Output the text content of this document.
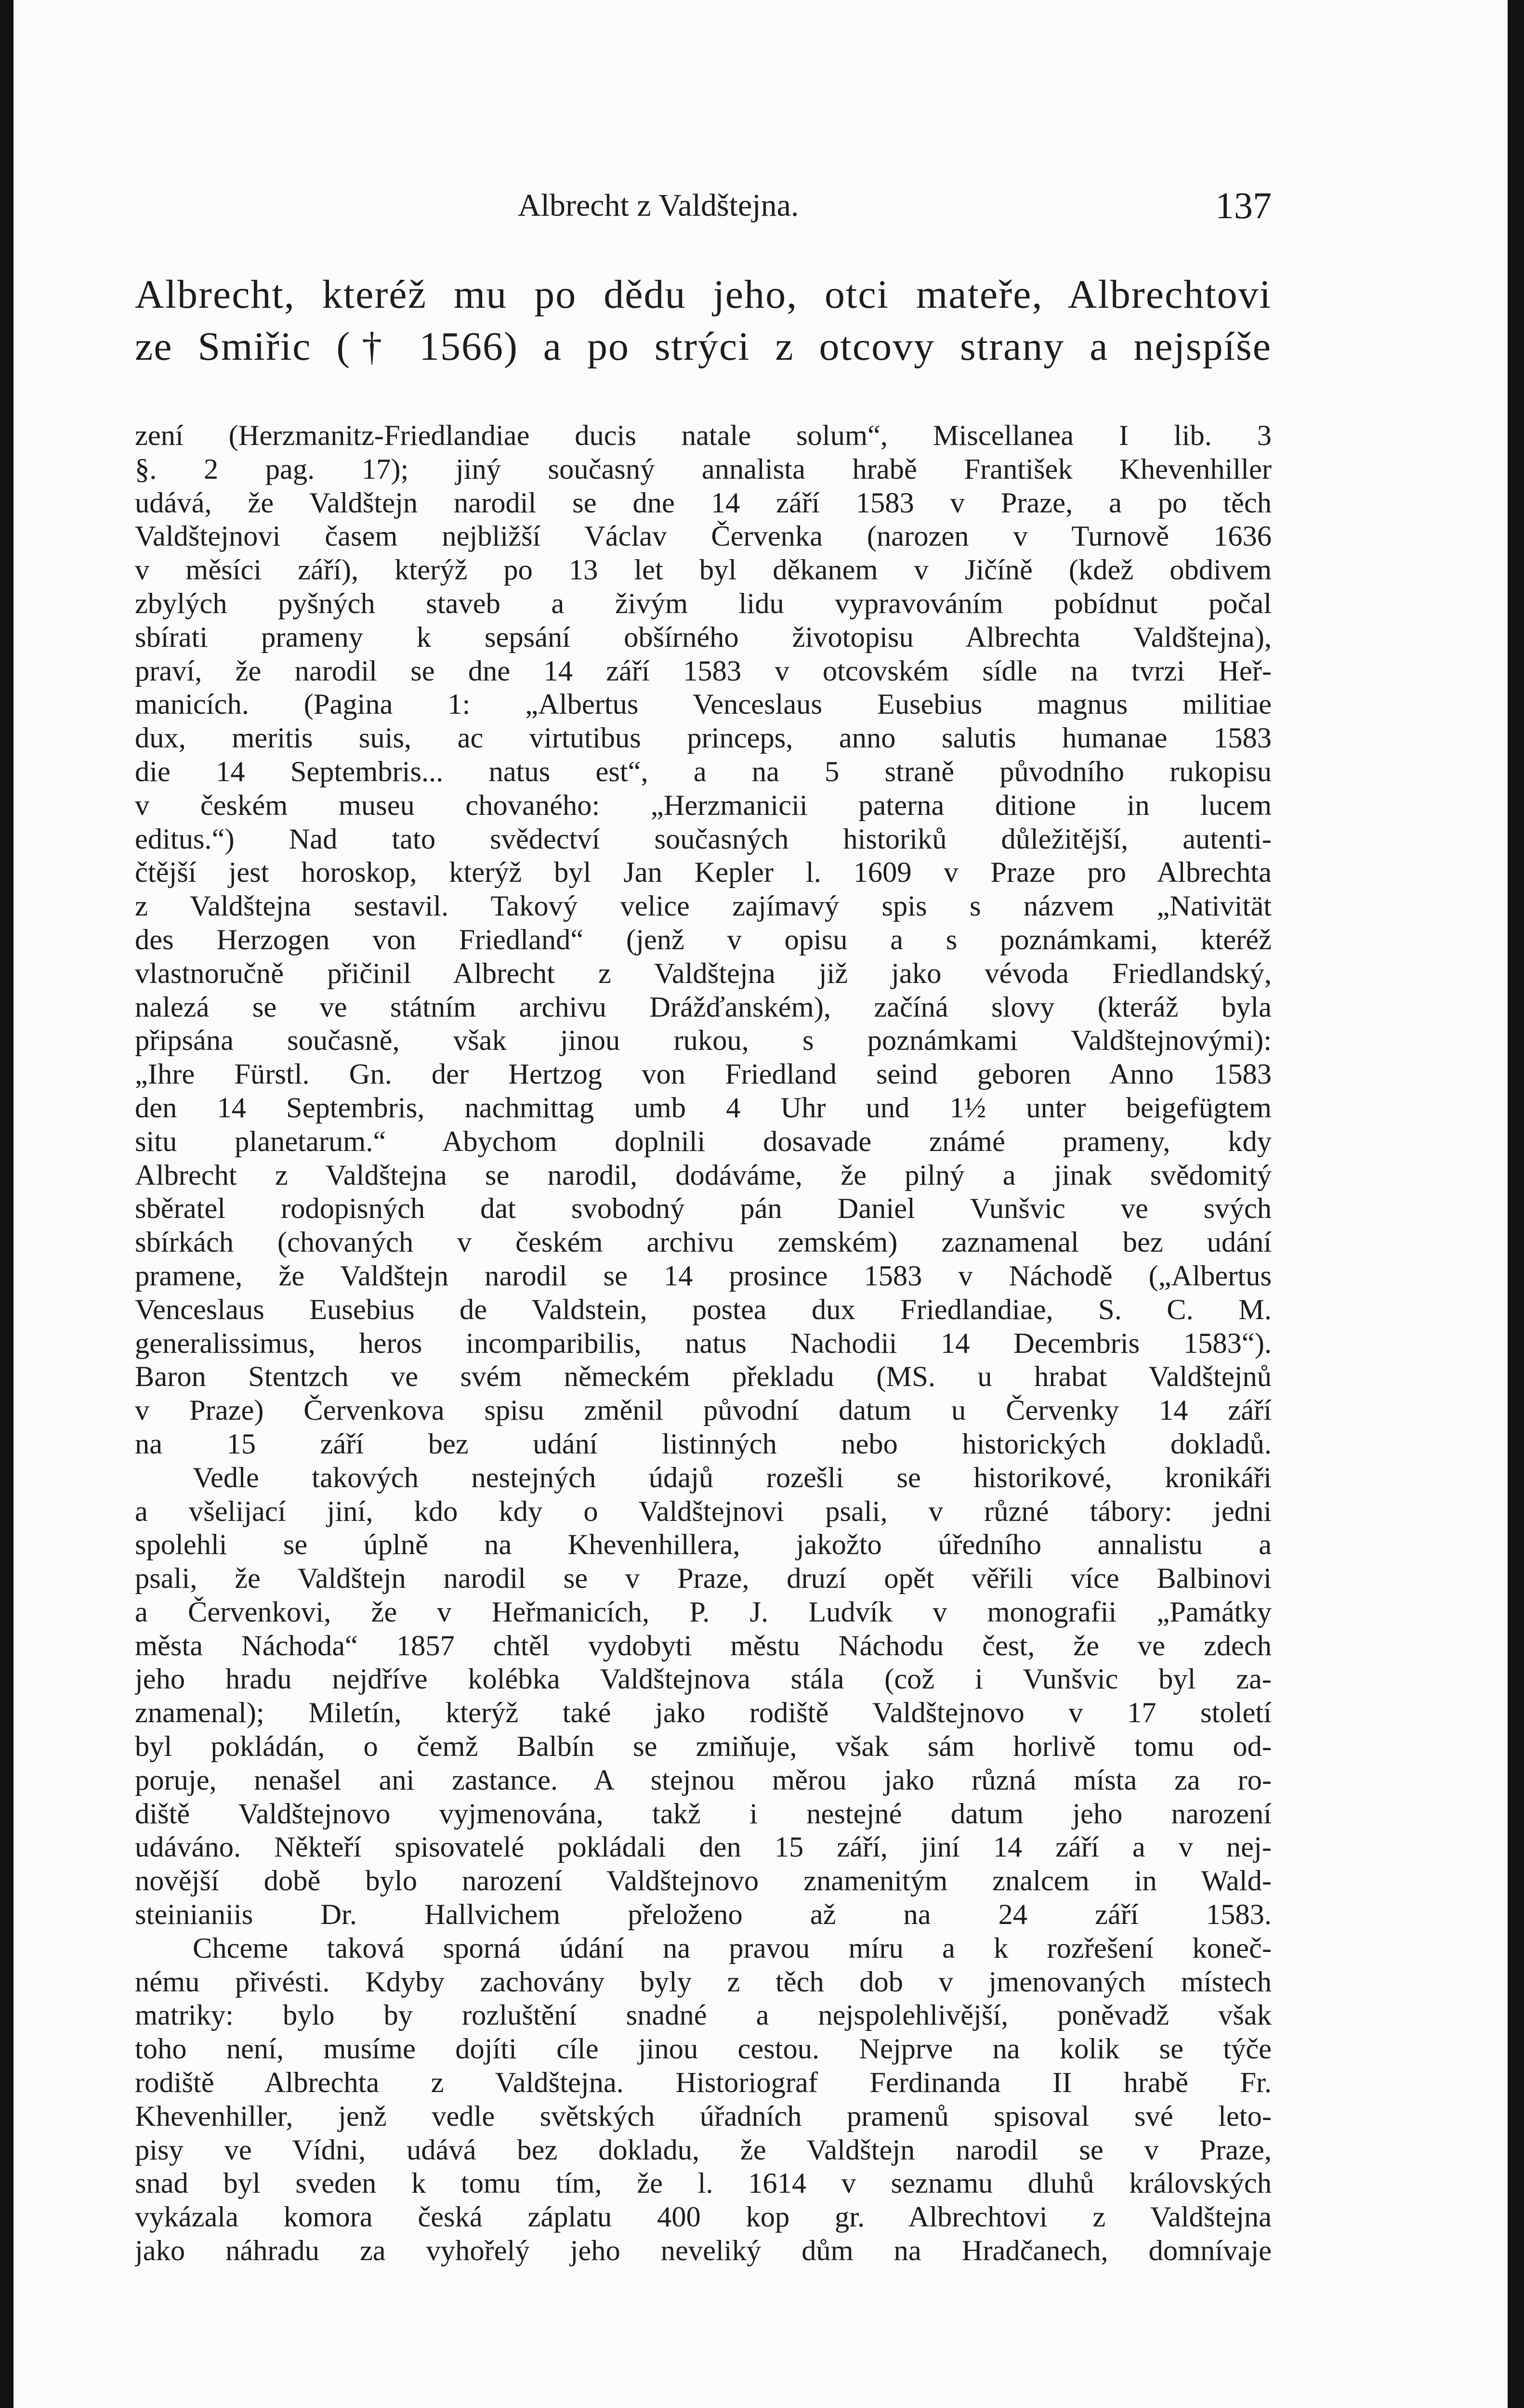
Albrecht z Valdštejna.	137

Albrecht, kteréž mu po dědu jeho, otci mateře, Albrechtovi

ze Smiřic († 1566) a po strýci z otcovy strany a nejspíše

zení (Herzmanitz-Friedlandiae ducis natale solum“, Miscellanea I lib. 3
§. 2 pag. 17); jiný současný annalista hrabě František Khevenhiller
udává, že Valdštejn narodil se dne 14 září 1583 v Praze, a po těch
Valdštejnovi časem nejbližší Václav Červenka (narozen v Turnově 1636
v měsíci září), kterýž po 13 let byl děkanem v Jičíně (kdež obdivem
zbylých pyšných staveb a živým lidu vypravováním pobídnut počal
sbírati prameny k sepsání obšírného životopisu Albrechta Valdštejna),
praví, že narodil se dne 14 září 1583 v otcovském sídle na tvrzi Heř-
manicích. (Pagina 1: „Albertus Venceslaus Eusebius magnus militiae
dux, meritis suis, ac virtutibus princeps, anno salutis humanae 1583
die 14 Septembris... natus est“, a na 5 straně původního rukopisu
v českém museu chovaného: „Herzmanicii paterna ditione in lucem
editus.“) Nad tato svědectví současných historiků důležitější, autenti-
čtější jest horoskop, kterýž byl Jan Kepler l. 1609 v Praze pro Albrechta
z Valdštejna sestavil. Takový velice zajímavý spis s názvem „Nativität
des Herzogen von Friedland“ (jenž v opisu a s poznámkami, kteréž
vlastnoručně přičinil Albrecht z Valdštejna již jako vévoda Friedlandský,
nalezá se ve státním archivu Drážďanském), začíná slovy (kteráž byla
připsána současně, však jinou rukou, s poznámkami Valdštejnovými):
„Ihre Fürstl. Gn. der Hertzog von Friedland seind geboren Anno 1583
den 14 Septembris, nachmittag umb 4 Uhr und 1½ unter beigefügtem
situ planetarum.“ Abychom doplnili dosavade známé prameny, kdy
Albrecht z Valdštejna se narodil, dodáváme, že pilný a jinak svědomitý
sběratel rodopisných dat svobodný pán Daniel Vunšvic ve svých
sbírkách (chovaných v českém archivu zemském) zaznamenal bez udání
pramene, že Valdštejn narodil se 14 prosince 1583 v Náchodě („Albertus
Venceslaus Eusebius de Valdstein, postea dux Friedlandiae, S. C. M.
generalissimus, heros incomparibilis, natus Nachodii 14 Decembris 1583“).
Baron Stentzch ve svém německém překladu (MS. u hrabat Valdštejnů
v Praze) Červenkova spisu změnil původní datum u Červenky 14 září
na 15 září bez udání listinných nebo historických dokladů.
Vedle takových nestejných údajů rozešli se historikové, kronikáři
a všelijací jiní, kdo kdy o Valdštejnovi psali, v různé tábory: jedni
spolehli se úplně na Khevenhillera, jakožto úředního annalistu a
psali, že Valdštejn narodil se v Praze, druzí opět věřili více Balbinovi
a Červenkovi, že v Heřmanicích, P. J. Ludvík v monografii „Památky
města Náchoda“ 1857 chtěl vydobyti městu Náchodu čest, že ve zdech
jeho hradu nejdříve kolébka Valdštejnova stála (což i Vunšvic byl za-
znamenal); Miletín, kterýž také jako rodiště Valdštejnovo v 17 století
byl pokládán, o čemž Balbín se zmiňuje, však sám horlivě tomu od-
poruje, nenašel ani zastance. A stejnou měrou jako různá místa za ro-
diště Valdštejnovo vyjmenována, takž i nestejné datum jeho narození
udáváno. Někteří spisovatelé pokládali den 15 září, jiní 14 září a v nej-
novější době bylo narození Valdštejnovo znamenitým znalcem in Wald-
steinianiis Dr. Hallvichem přeloženo až na 24 září 1583.
Chceme taková sporná údání na pravou míru a k rozřešení koneč-
nému přivésti. Kdyby zachovány byly z těch dob v jmenovaných místech
matriky: bylo by rozluštění snadné a nejspolehlivější, poněvadž však
toho není, musíme dojíti cíle jinou cestou. Nejprve na kolik se týče
rodiště Albrechta z Valdštejna. Historiograf Ferdinanda II hrabě Fr.
Khevenhiller, jenž vedle světských úřadních pramenů spisoval své leto-
pisy ve Vídni, udává bez dokladu, že Valdštejn narodil se v Praze,
snad byl sveden k tomu tím, že l. 1614 v seznamu dluhů královských
vykázala komora česká záplatu 400 kop gr. Albrechtovi z Valdštejna
jako náhradu za vyhořelý jeho neveliký dům na Hradčanech, domnívaje
